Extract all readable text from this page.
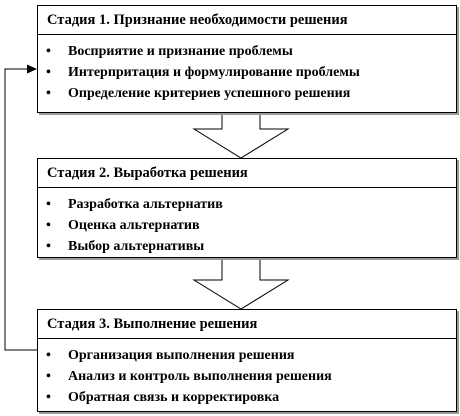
Стадия 1. Признание необходимости решения
• Восприятие и признание проблемы
• Интерпритация и формулирование проблемы
• Определение критериев успешного решения
Стадия 2. Выработка решения
• Разработка альтернатив
• Оценка альтернатив
• Выбор альтернативы
Стадия 3. Выполнение решения
• Организация выполнения решения
• Анализ и контроль выполнения решения
• Обратная связь и корректировка
